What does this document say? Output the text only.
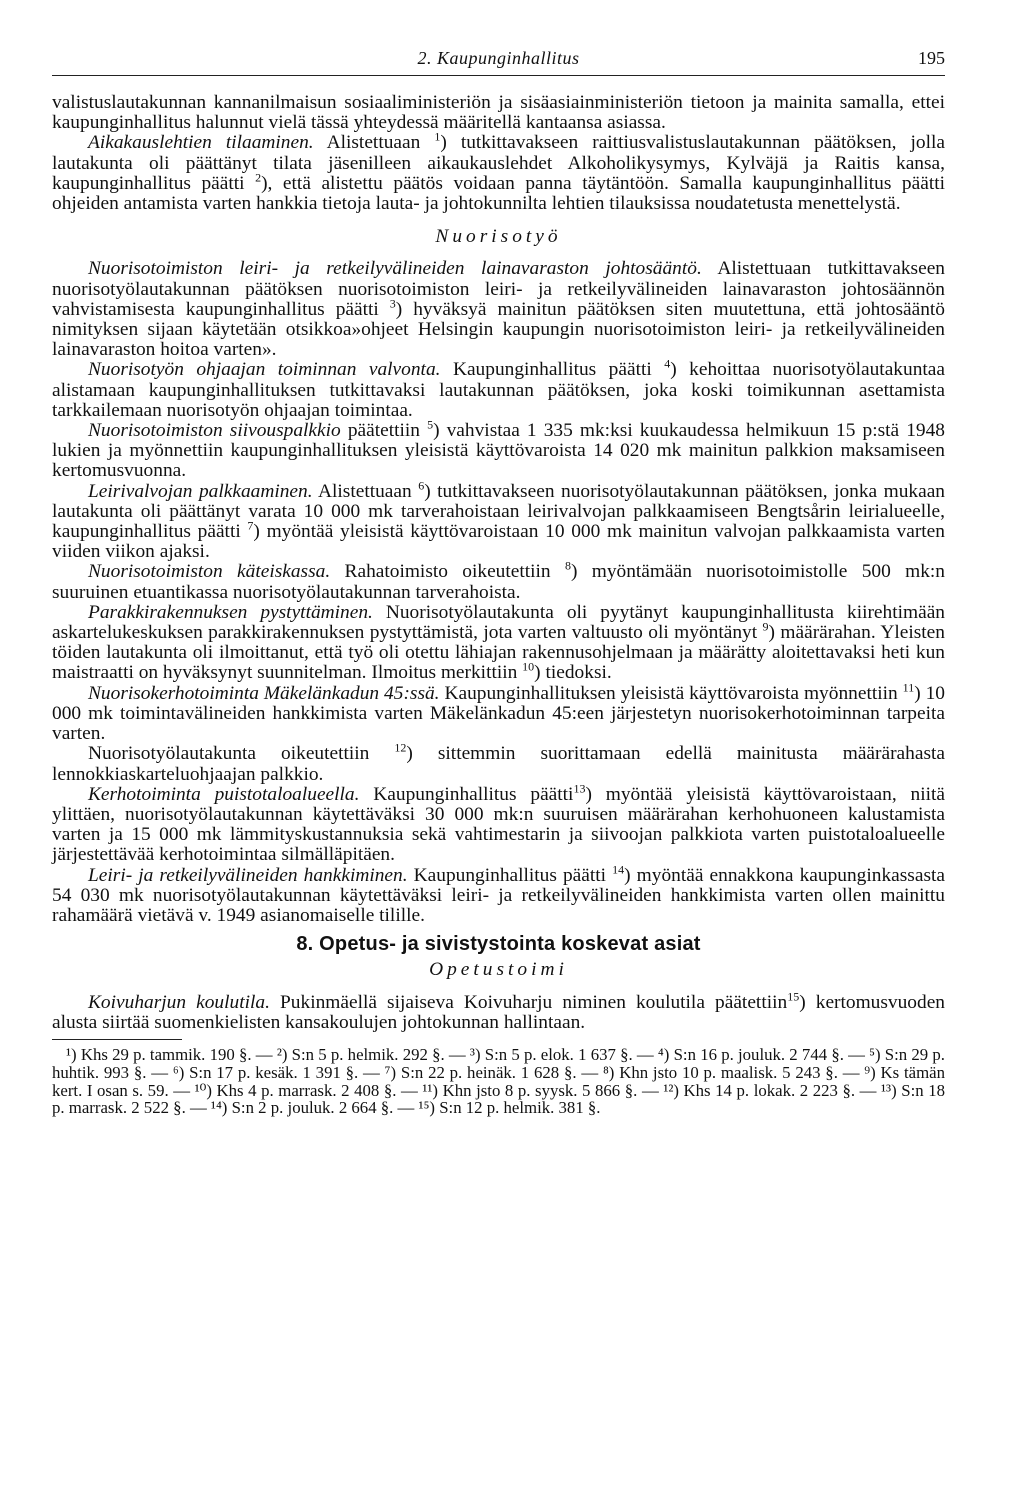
2. Kaupunginhallitus	195

valistuslautakunnan kannanilmaisun sosiaaliministeriön ja sisäasiainministeriön tietoon ja mainita samalla, ettei kaupunginhallitus halunnut vielä tässä yhteydessä määritellä kantaansa asiassa.

Aikakauslehtien tilaaminen. Alistettuaan $^1$) tutkittavakseen raittiusvalistuslautakunnan päätöksen, jolla lautakunta oli päättänyt tilata jäsenilleen aikaukauslehdet Alkoholikysymys, Kylväjä ja Raitis kansa, kaupunginhallitus päätti $^2$), että alistettu päätös voidaan panna täytäntöön. Samalla kaupunginhallitus päätti ohjeiden antamista varten hankkia tietoja lauta- ja johtokunnilta lehtien tilauksissa noudatetusta menettelystä.

Nuorisotyö

Nuorisotoimiston leiri- ja retkeilyvälineiden lainavaraston johtosääntö. Alistettuaan tutkittavakseen nuorisotyölautakunnan päätöksen nuorisotoimiston leiri- ja retkeilyvälineiden lainavaraston johtosäännön vahvistamisesta kaupunginhallitus päätti $^3$) hyväksyä mainitun päätöksen siten muutettuna, että johtosääntö nimityksen sijaan käytetään otsikkoa»ohjeet Helsingin kaupungin nuorisotoimiston leiri- ja retkeilyvälineiden lainavaraston hoitoa varten».

Nuorisotyön ohjaajan toiminnan valvonta. Kaupunginhallitus päätti $^4$) kehoittaa nuorisotyölautakuntaa alistamaan kaupunginhallituksen tutkittavaksi lautakunnan päätöksen, joka koski toimikunnan asettamista tarkkailemaan nuorisotyön ohjaajan toimintaa.

Nuorisotoimiston siivouspalkkio päätettiin $^5$) vahvistaa 1 335 mk:ksi kuukaudessa helmikuun 15 p:stä 1948 lukien ja myönnettiin kaupunginhallituksen yleisistä käyttövaroista 14 020 mk mainitun palkkion maksamiseen kertomusvuonna.

Leirivalvojan palkkaaminen. Alistettuaan $^6$) tutkittavakseen nuorisotyölautakunnan päätöksen, jonka mukaan lautakunta oli päättänyt varata 10 000 mk tarverahoistaan leirivalvojan palkkaamiseen Bengtsårin leirialueelle, kaupunginhallitus päätti $^7$) myöntää yleisistä käyttövaroistaan 10 000 mk mainitun valvojan palkkaamista varten viiden viikon ajaksi.

Nuorisotoimiston käteiskassa. Rahatoimisto oikeutettiin $^8$) myöntämään nuorisotoimistolle 500 mk:n suuruinen etuantikassa nuorisotyölautakunnan tarverahoista.

Parakkirakennuksen pystyttäminen. Nuorisotyölautakunta oli pyytänyt kaupunginhallitusta kiirehtimään askartelukeskuksen parakkirakennuksen pystyttämistä, jota varten valtuusto oli myöntänyt $^9$) määrärahan. Yleisten töiden lautakunta oli ilmoittanut, että työ oli otettu lähiajan rakennusohjelmaan ja määrätty aloitettavaksi heti kun maistraatti on hyväksynyt suunnitelman. Ilmoitus merkittiin $^{10}$) tiedoksi.

Nuorisokerhotoiminta Mäkelänkadun 45:ssä. Kaupunginhallituksen yleisistä käyttövaroista myönnettiin $^{11}$) 10 000 mk toimintavälineiden hankkimista varten Mäkelänkadun 45:een järjestetyn nuorisokerhotoiminnan tarpeita varten.

Nuorisotyölautakunta oikeutettiin $^{12}$) sittemmin suorittamaan edellä mainitusta määrärahasta lennokkiaskarteluohjaajan palkkio.

Kerhotoiminta puistotaloalueella. Kaupunginhallitus päätti$^{13}$) myöntää yleisistä käyttövaroistaan, niitä ylittäen, nuorisotyölautakunnan käytettäväksi 30 000 mk:n suuruisen määrärahan kerhohuoneen kalustamista varten ja 15 000 mk lämmityskustannuksia sekä vahtimestarin ja siivoojan palkkiota varten puistotaloalueelle järjestettävää kerhotoimintaa silmälläpitäen.

Leiri- ja retkeilyvälineiden hankkiminen. Kaupunginhallitus päätti $^{14}$) myöntää ennakkona kaupunginkassasta 54 030 mk nuorisotyölautakunnan käytettäväksi leiri- ja retkeilyvälineiden hankkimista varten ollen mainittu rahamäärä vietävä v. 1949 asianomaiselle tilille.

8. Opetus- ja sivistystointa koskevat asiat

Opetustoimi

Koivuharjun koulutila. Pukinmäellä sijaiseva Koivuharju niminen koulutila päätettiin$^{15}$) kertomusvuoden alusta siirtää suomenkielisten kansakoulujen johtokunnan hallintaan.

¹) Khs 29 p. tammik. 190 §. — ²) S:n 5 p. helmik. 292 §. — ³) S:n 5 p. elok. 1 637 §. — ⁴) S:n 16 p. jouluk. 2 744 §. — ⁵) S:n 29 p. huhtik. 993 §. — ⁶) S:n 17 p. kesäk. 1 391 §. — ⁷) S:n 22 p. heinäk. 1 628 §. — ⁸) Khn jsto 10 p. maalisk. 5 243 §. — ⁹) Ks tämän kert. I osan s. 59. — ¹⁰) Khs 4 p. marrask. 2 408 §. — ¹¹) Khn jsto 8 p. syysk. 5 866 §. — ¹²) Khs 14 p. lokak. 2 223 §. — ¹³) S:n 18 p. marrask. 2 522 §. — ¹⁴) S:n 2 p. jouluk. 2 664 §. — ¹⁵) S:n 12 p. helmik. 381 §.
